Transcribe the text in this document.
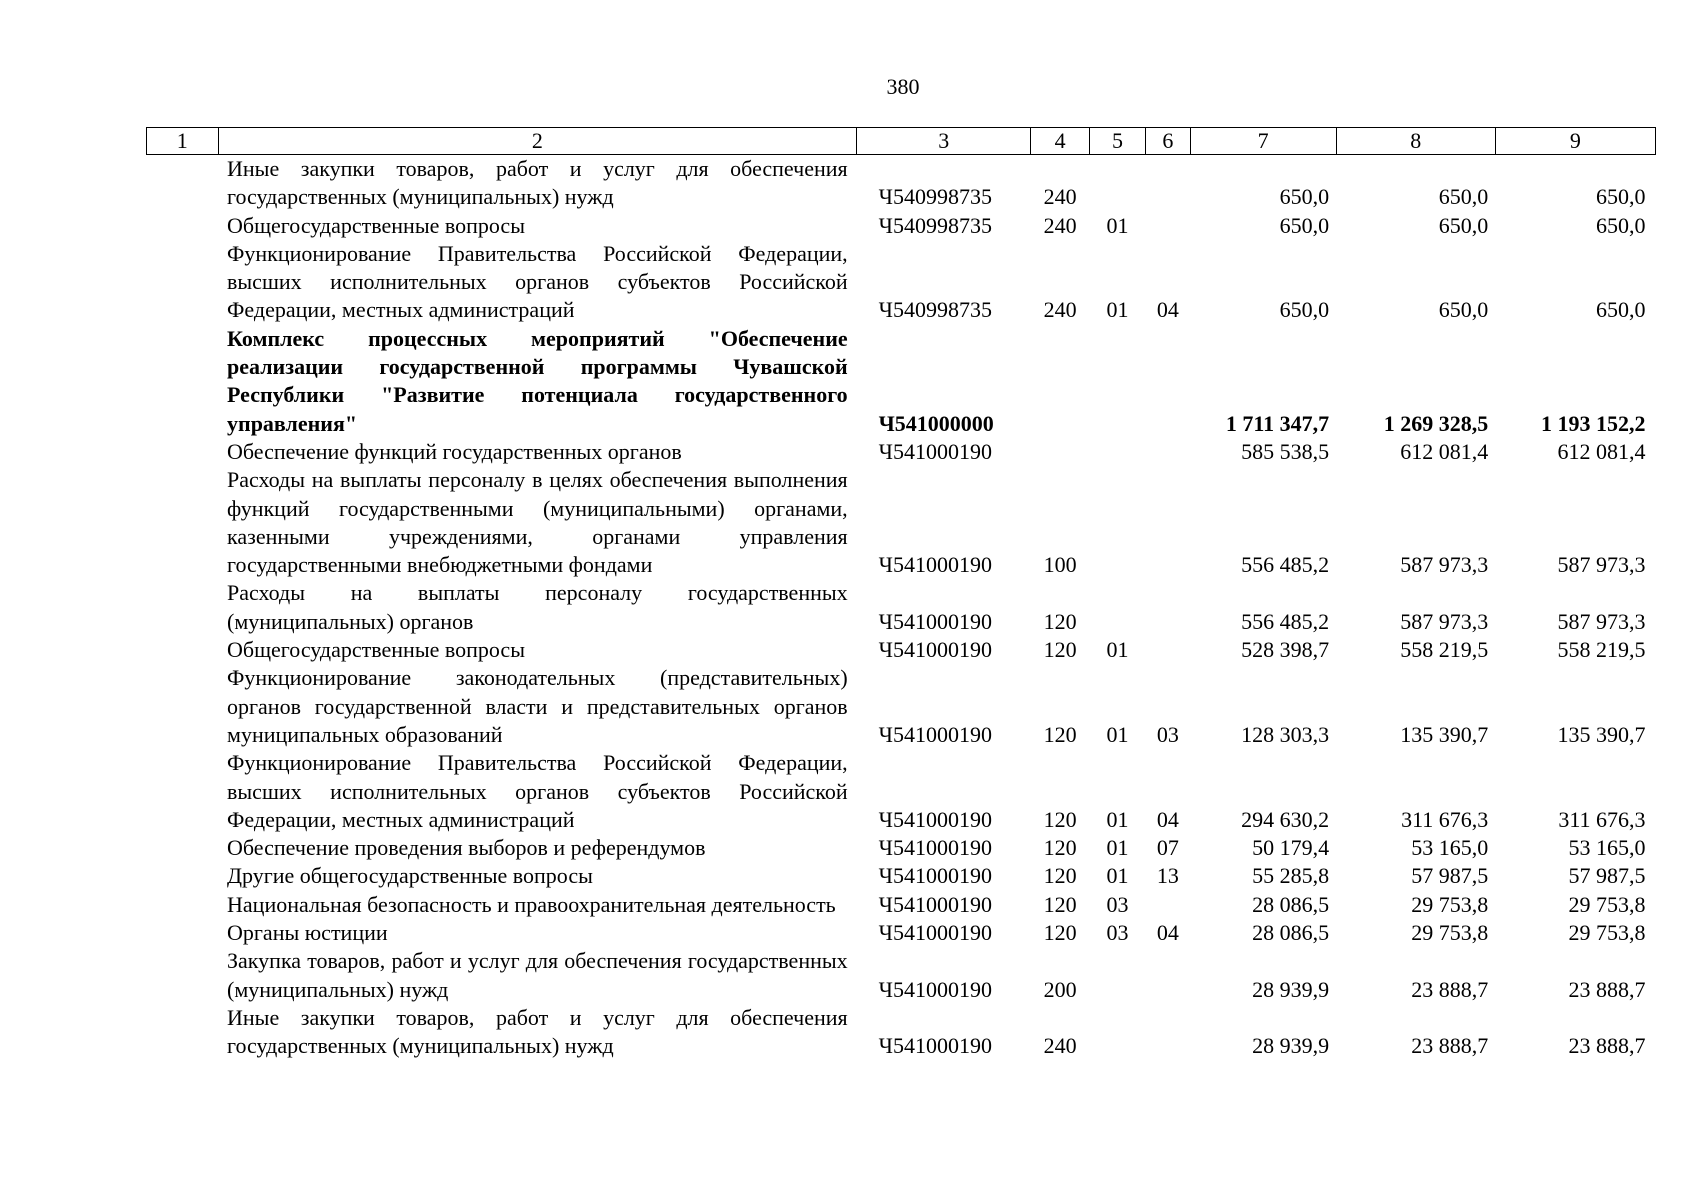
380
1	2	3	4	5	6	7	8	9
	Иные закупки товаров, работ и услуг для обеспечения государственных (муниципальных) нужд	Ч540998735	240			650,0	650,0	650,0
	Общегосударственные вопросы	Ч540998735	240	01		650,0	650,0	650,0
	Функционирование Правительства Российской Федерации, высших исполнительных органов субъектов Российской Федерации, местных администраций	Ч540998735	240	01	04	650,0	650,0	650,0
	Комплекс процессных мероприятий "Обеспечение реализации государственной программы Чувашской Республики "Развитие потенциала государственного управления"	Ч541000000				1 711 347,7	1 269 328,5	1 193 152,2
	Обеспечение функций государственных органов	Ч541000190				585 538,5	612 081,4	612 081,4
	Расходы на выплаты персоналу в целях обеспечения выполнения функций государственными (муниципальными) органами, казенными учреждениями, органами управления государственными внебюджетными фондами	Ч541000190	100			556 485,2	587 973,3	587 973,3
	Расходы на выплаты персоналу государственных (муниципальных) органов	Ч541000190	120			556 485,2	587 973,3	587 973,3
	Общегосударственные вопросы	Ч541000190	120	01		528 398,7	558 219,5	558 219,5
	Функционирование законодательных (представительных) органов государственной власти и представительных органов муниципальных образований	Ч541000190	120	01	03	128 303,3	135 390,7	135 390,7
	Функционирование Правительства Российской Федерации, высших исполнительных органов субъектов Российской Федерации, местных администраций	Ч541000190	120	01	04	294 630,2	311 676,3	311 676,3
	Обеспечение проведения выборов и референдумов	Ч541000190	120	01	07	50 179,4	53 165,0	53 165,0
	Другие общегосударственные вопросы	Ч541000190	120	01	13	55 285,8	57 987,5	57 987,5
	Национальная безопасность и правоохранительная деятельность	Ч541000190	120	03		28 086,5	29 753,8	29 753,8
	Органы юстиции	Ч541000190	120	03	04	28 086,5	29 753,8	29 753,8
	Закупка товаров, работ и услуг для обеспечения государственных (муниципальных) нужд	Ч541000190	200			28 939,9	23 888,7	23 888,7
	Иные закупки товаров, работ и услуг для обеспечения государственных (муниципальных) нужд	Ч541000190	240			28 939,9	23 888,7	23 888,7
